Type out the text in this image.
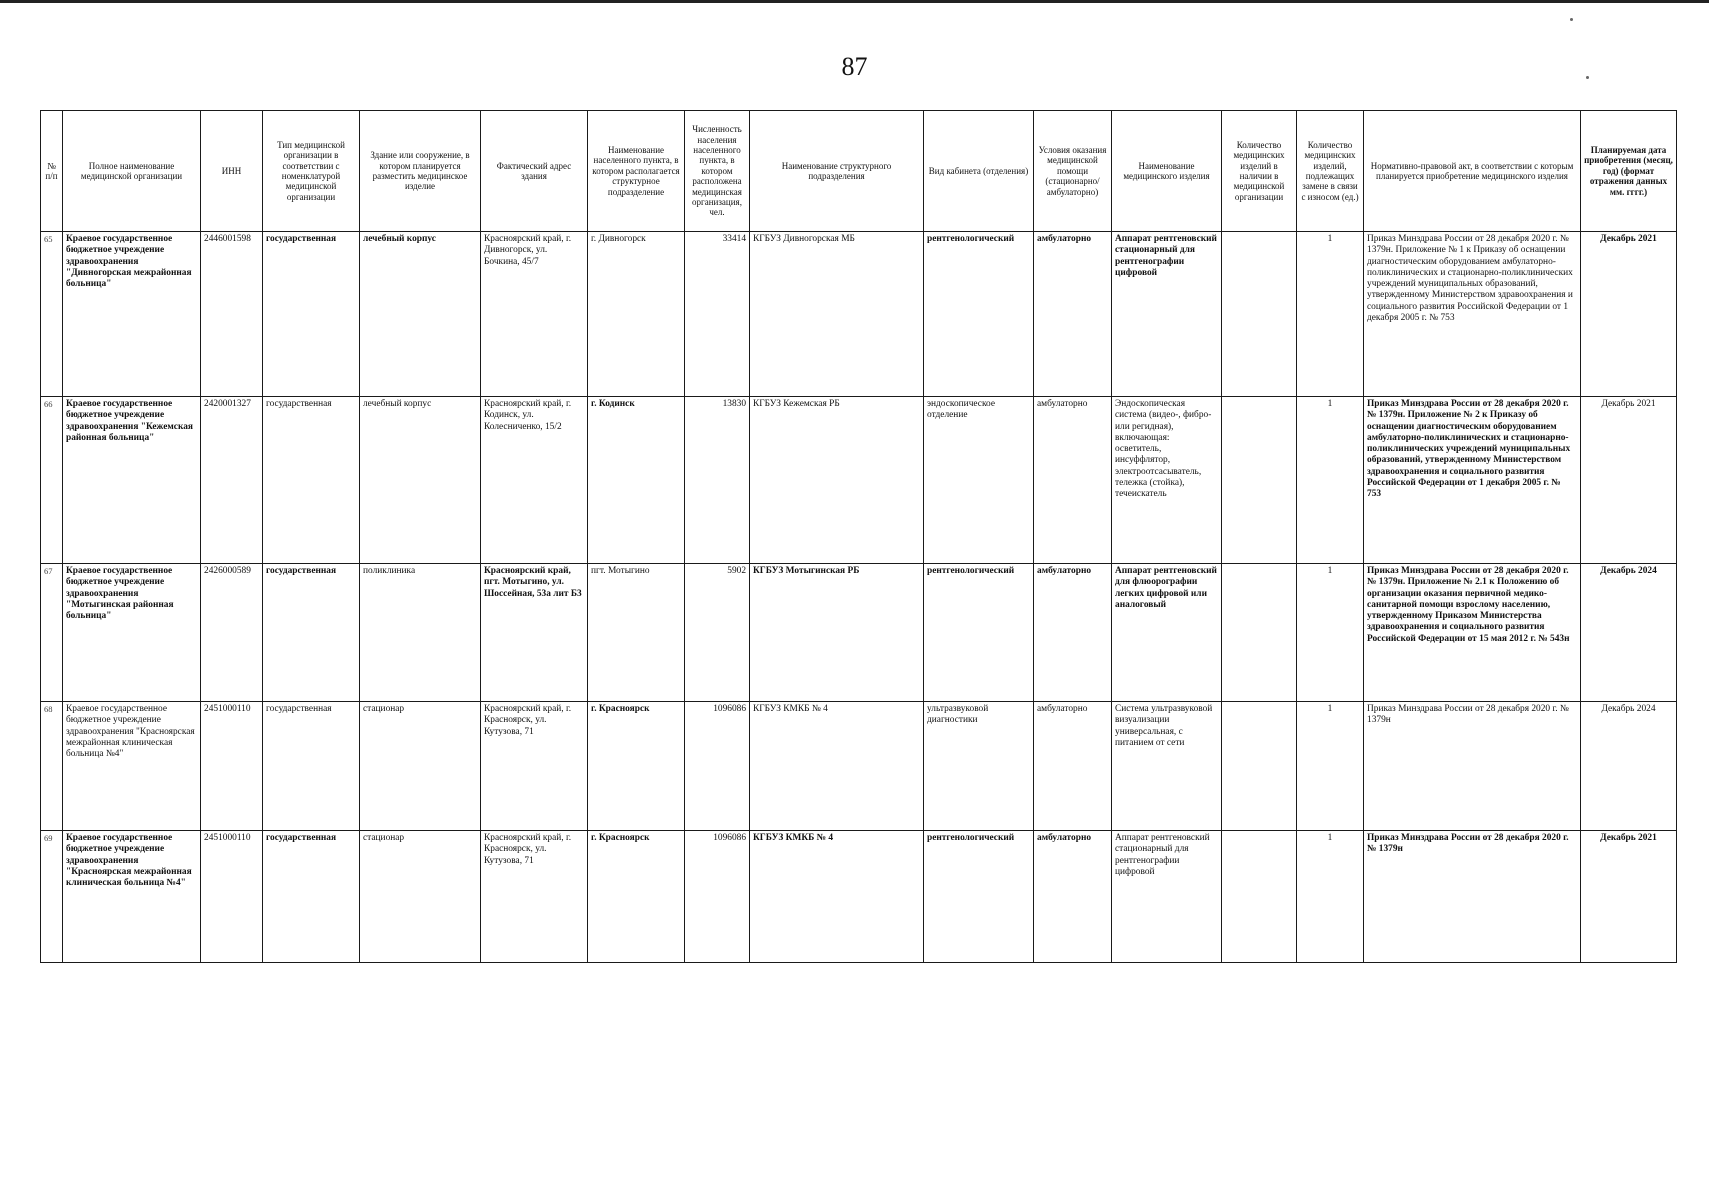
87
№ п/п	Полное наименование медицинской организации	ИНН	Тип медицинской организации в соответствии с номенклатурой медицинской организации	Здание или сооружение, в котором планируется разместить медицинское изделие	Фактический адрес здания	Наименование населенного пункта, в котором располагается структурное подразделение	Численность населения населенного пункта, в котором расположена медицинская организация, чел.	Наименование структурного подразделения	Вид кабинета (отделения)	Условия оказания медицинской помощи (стационарно/ амбулаторно)	Наименование медицинского изделия	Количество медицинских изделий в наличии в медицинской организации	Количество медицинских изделий, подлежащих замене в связи с износом (ед.)	Нормативно-правовой акт, в соответствии с которым планируется приобретение медицинского изделия	Планируемая дата приобретения (месяц, год) (формат отражения данных мм. гггг.)
65	Краевое государственное бюджетное учреждение здравоохранения "Дивногорская межрайонная больница"	2446001598	государственная	лечебный корпус	Красноярский край, г. Дивногорск, ул. Бочкина, 45/7	г. Дивногорск	33414	КГБУЗ Дивногорская МБ	рентгенологический	амбулаторно	Аппарат рентгеновский стационарный для рентгенографии цифровой		1	Приказ Минздрава России от 28 декабря 2020 г. № 1379н. Приложение № 1 к Приказу об оснащении диагностическим оборудованием амбулаторно-поликлинических и стационарно-поликлинических учреждений муниципальных образований, утвержденному Министерством здравоохранения и социального развития Российской Федерации от 1 декабря 2005 г. № 753	Декабрь 2021
66	Краевое государственное бюджетное учреждение здравоохранения "Кежемская районная больница"	2420001327	государственная	лечебный корпус	Красноярский край, г. Кодинск, ул. Колесниченко, 15/2	г. Кодинск	13830	КГБУЗ Кежемская РБ	эндоскопическое отделение	амбулаторно	Эндоскопическая система (видео-, фибро- или регидная), включающая: осветитель, инсуффлятор, электроотсасыватель, тележка (стойка), течеискатель		1	Приказ Минздрава России от 28 декабря 2020 г. № 1379н. Приложение № 2 к Приказу об оснащении диагностическим оборудованием амбулаторно-поликлинических и стационарно-поликлинических учреждений муниципальных образований, утвержденному Министерством здравоохранения и социального развития Российской Федерации от 1 декабря 2005 г. № 753	Декабрь 2021
67	Краевое государственное бюджетное учреждение здравоохранения "Мотыгинская районная больница"	2426000589	государственная	поликлиника	Красноярский край, пгт. Мотыгино, ул. Шоссейная, 53а лит Б3	пгт. Мотыгино	5902	КГБУЗ Мотыгинская РБ	рентгенологический	амбулаторно	Аппарат рентгеновский для флюорографии легких цифровой или аналоговый		1	Приказ Минздрава России от 28 декабря 2020 г. № 1379н. Приложение № 2.1 к Положению об организации оказания первичной медико-санитарной помощи взрослому населению, утвержденному Приказом Министерства здравоохранения и социального развития Российской Федерации от 15 мая 2012 г. № 543н	Декабрь 2024
68	Краевое государственное бюджетное учреждение здравоохранения "Красноярская межрайонная клиническая больница №4"	2451000110	государственная	стационар	Красноярский край, г. Красноярск, ул. Кутузова, 71	г. Красноярск	1096086	КГБУЗ КМКБ № 4	ультразвуковой диагностики	амбулаторно	Система ультразвуковой визуализации универсальная, с питанием от сети		1	Приказ Минздрава России от 28 декабря 2020 г. № 1379н	Декабрь 2024
69	Краевое государственное бюджетное учреждение здравоохранения "Красноярская межрайонная клиническая больница №4"	2451000110	государственная	стационар	Красноярский край, г. Красноярск, ул. Кутузова, 71	г. Красноярск	1096086	КГБУЗ КМКБ № 4	рентгенологический	амбулаторно	Аппарат рентгеновский стационарный для рентгенографии цифровой		1	Приказ Минздрава России от 28 декабря 2020 г. № 1379н	Декабрь 2021
